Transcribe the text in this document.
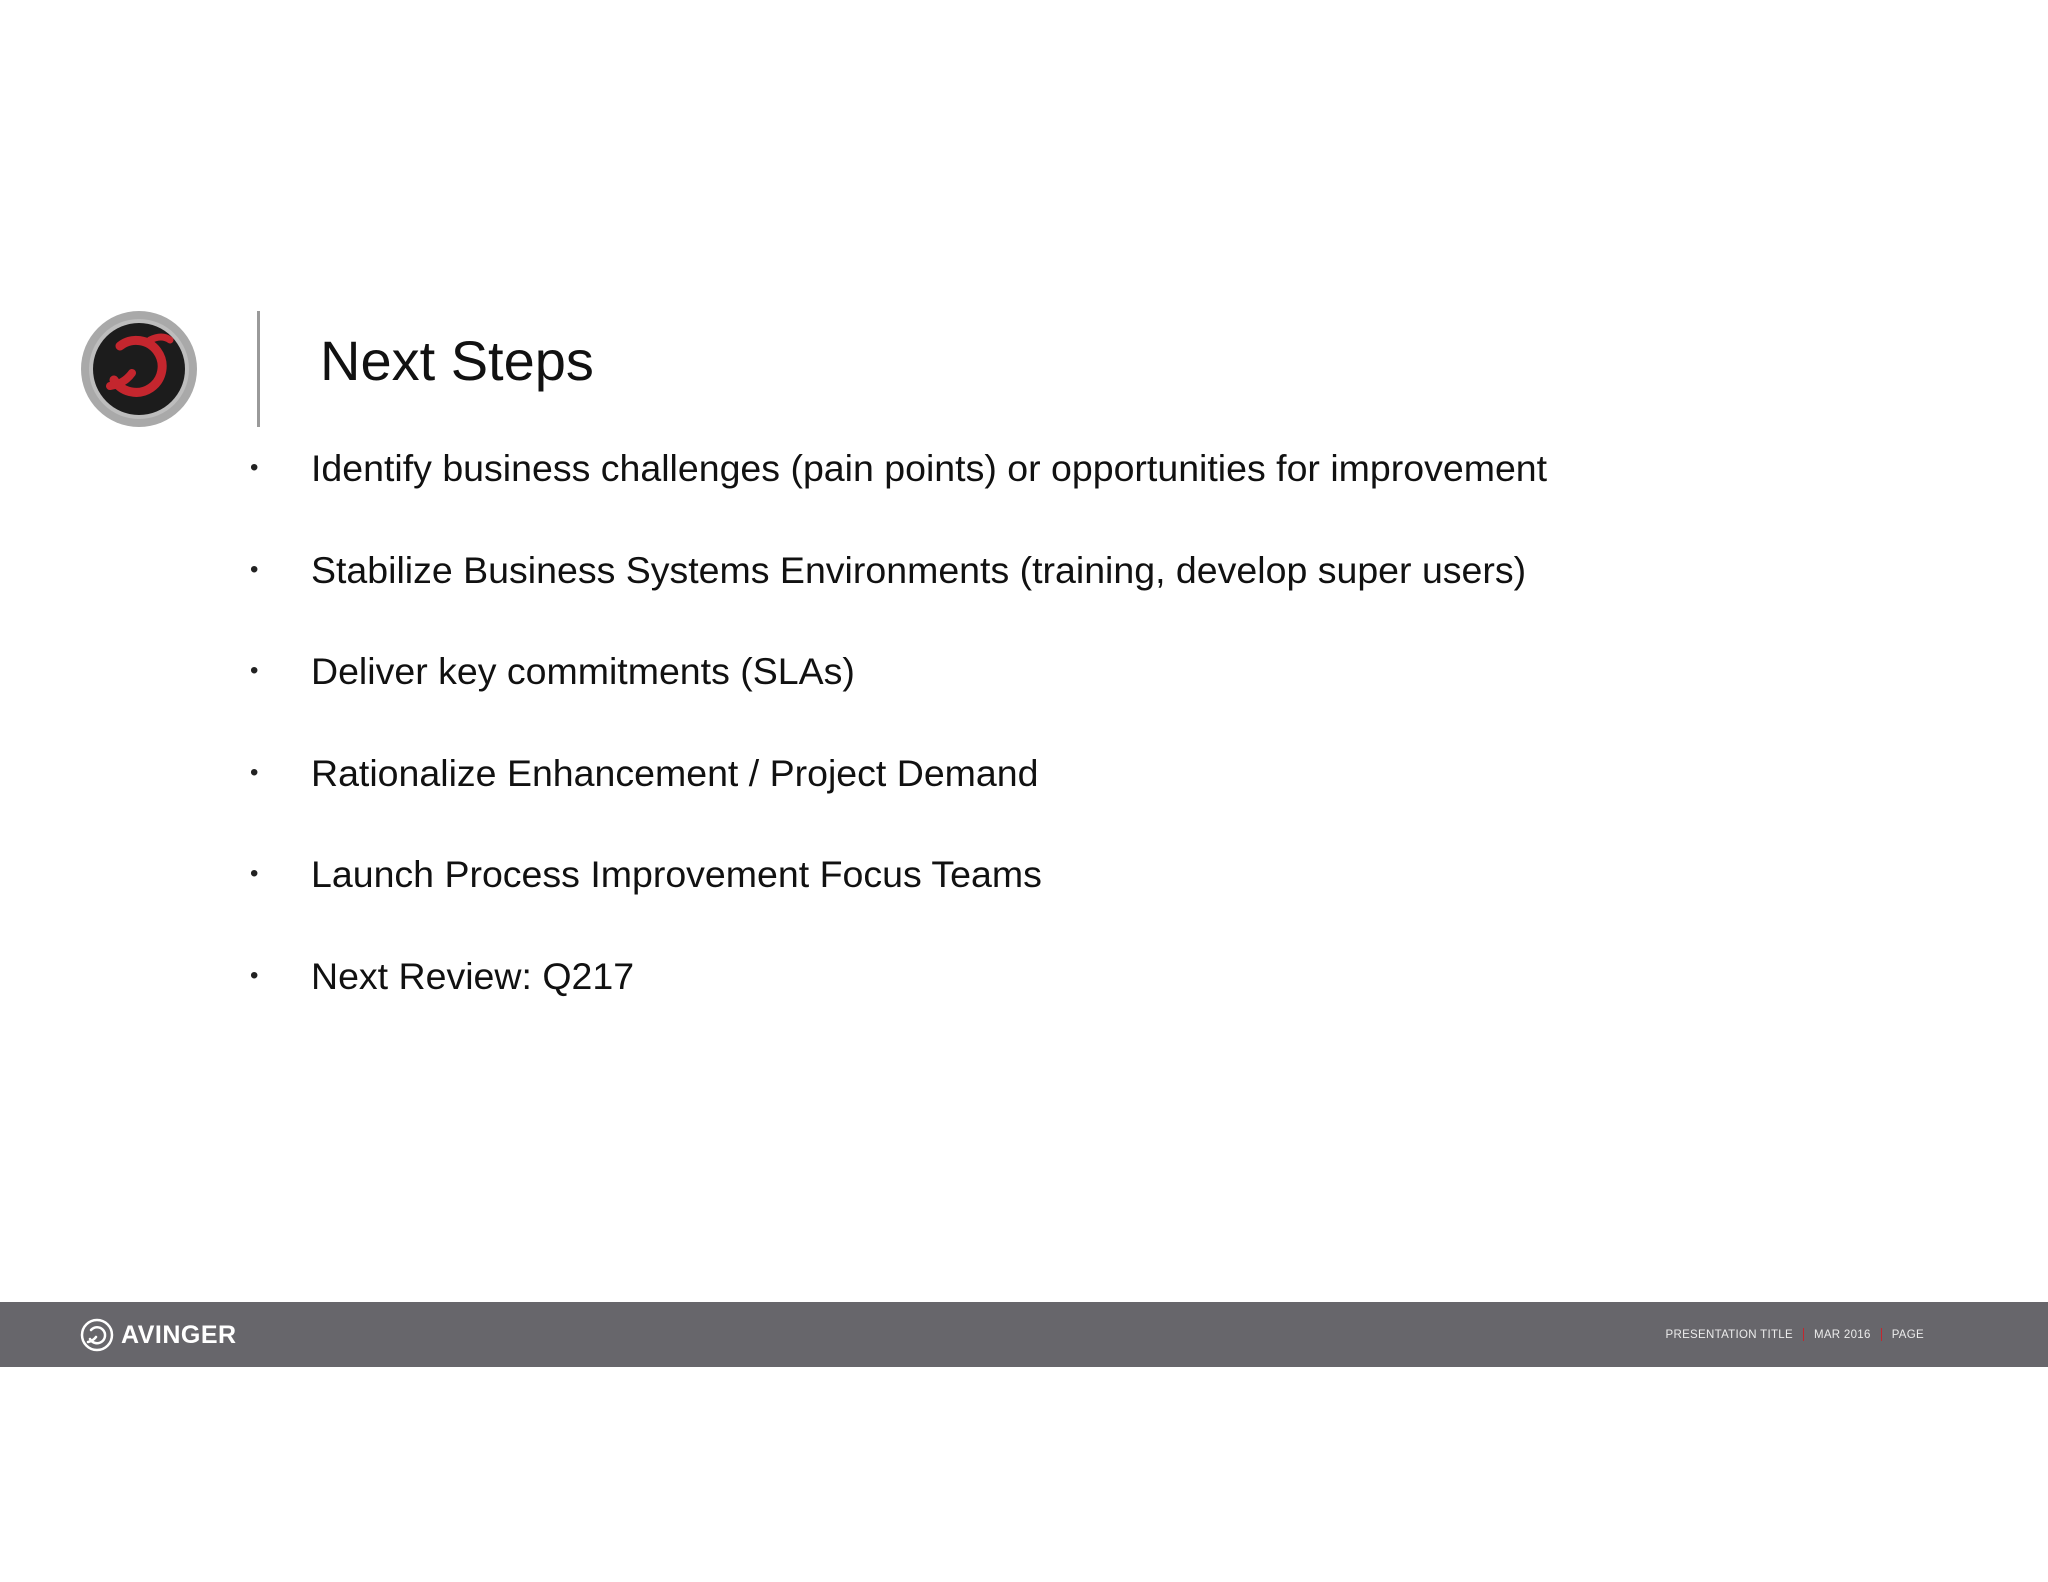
Next Steps
• Identify business challenges (pain points) or opportunities for improvement
• Stabilize Business Systems Environments (training, develop super users)
• Deliver key commitments (SLAs)
• Rationalize Enhancement / Project Demand
• Launch Process Improvement Focus Teams
• Next Review: Q217
AVINGER	PRESENTATION TITLE MAR 2016 PAGE
